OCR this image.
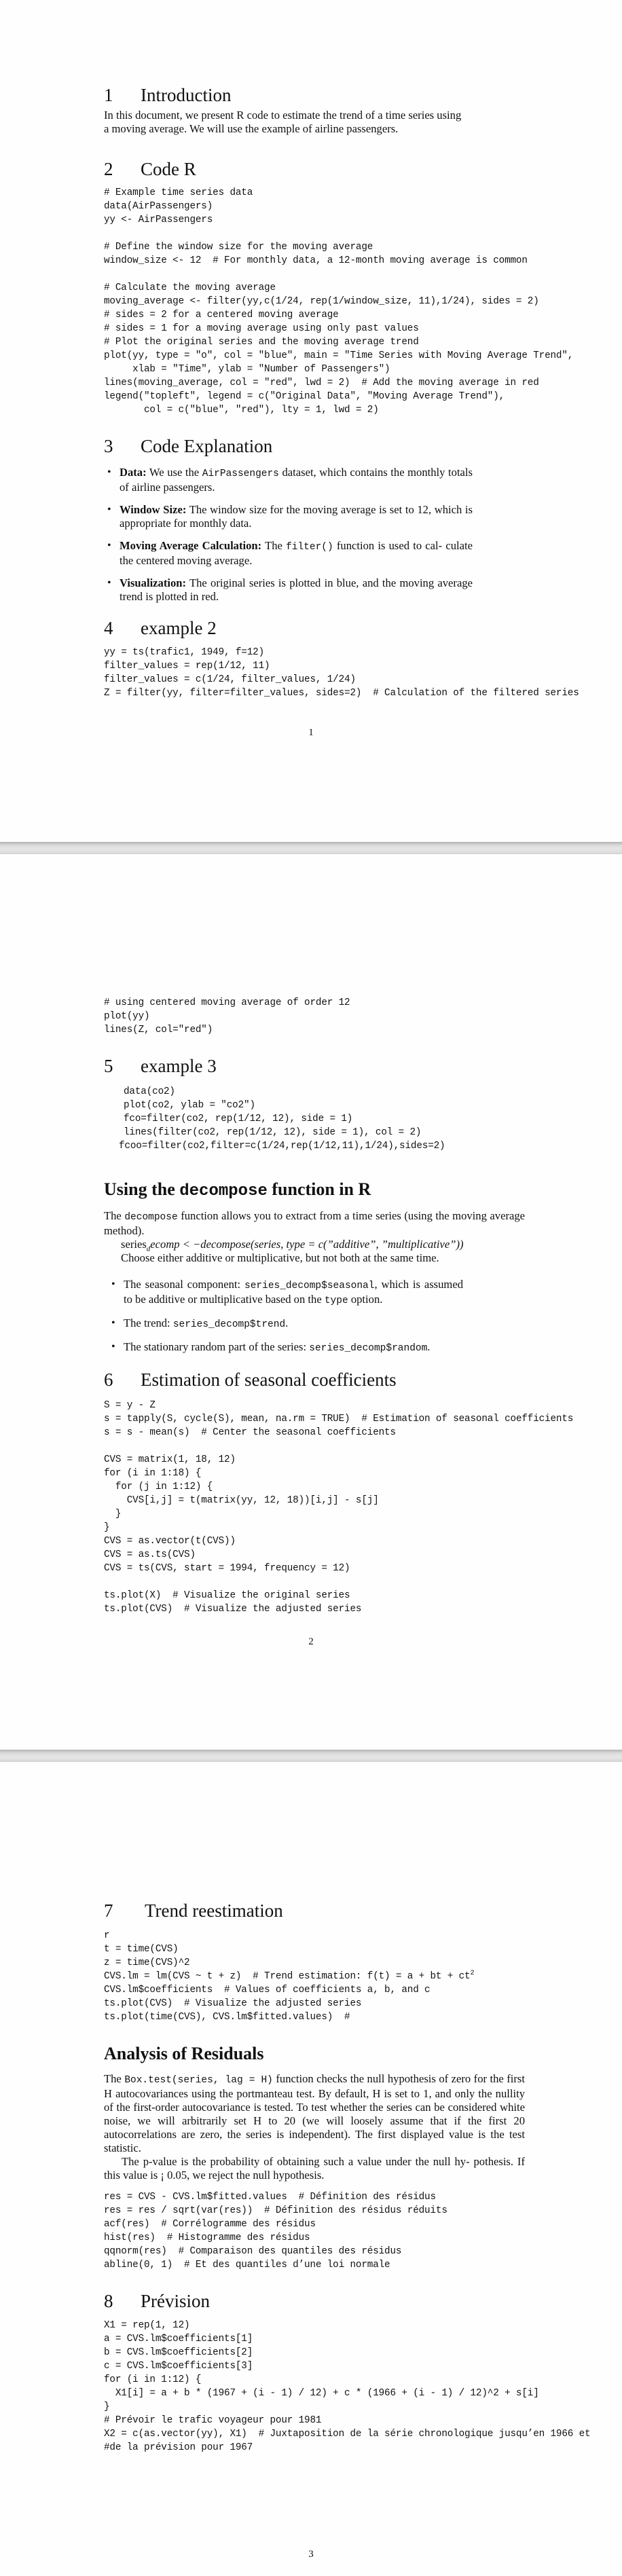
1 Introduction

In this document, we present R code to estimate the trend of a time series using

a moving average. We will use the example of airline passengers.

2 Code R
# Example time series data
data(AirPassengers)
yy <- AirPassengers
# Define the window size for the moving average
window_size <- 12  # For monthly data, a 12-month moving average is common
# Calculate the moving average
moving_average <- filter(yy,c(1/24, rep(1/window_size, 11),1/24), sides = 2)
# sides = 2 for a centered moving average
# sides = 1 for a moving average using only past values
# Plot the original series and the moving average trend
plot(yy, type = "o", col = "blue", main = "Time Series with Moving Average Trend",
xlab = "Time", ylab = "Number of Passengers")
lines(moving_average, col = "red", lwd = 2)  # Add the moving average in red
legend("topleft", legend = c("Original Data", "Moving Average Trend"),
col = c("blue", "red"), lty = 1, lwd = 2)
3 Code Explanation
• Data: We use the AirPassengers dataset, which contains the monthly totals of airline passengers.
• Window Size: The window size for the moving average is set to 12, which is appropriate for monthly data.
• Moving Average Calculation: The filter() function is used to cal- culate the centered moving average.
• Visualization: The original series is plotted in blue, and the moving average trend is plotted in red.
4 example 2
yy = ts(trafic1, 1949, f=12)
filter_values = rep(1/12, 11)
filter_values = c(1/24, filter_values, 1/24)
Z = filter(yy, filter=filter_values, sides=2)  # Calculation of the filtered series

1

# using centered moving average of order 12
plot(yy)
lines(Z, col="red")
5 example 3
data(co2)
plot(co2, ylab = "co2")
fco=filter(co2, rep(1/12, 12), side = 1)
lines(filter(co2, rep(1/12, 12), side = 1), col = 2)
fcoo=filter(co2,filter=c(1/24,rep(1/12,11),1/24),sides=2)
Using the decompose function in R

The decompose function allows you to extract from a time series (using the moving average method).

series$_d$ecomp < −decompose(series, type = c(”additive”, ”multiplicative”))

Choose either additive or multiplicative, but not both at the same time.

• The seasonal component: series_decomp$seasonal, which is assumed to be additive or multiplicative based on the type option.
• The trend: series_decomp$trend.
• The stationary random part of the series: series_decomp$random.
6 Estimation of seasonal coefficients
S = y - Z
s = tapply(S, cycle(S), mean, na.rm = TRUE)  # Estimation of seasonal coefficients
s = s - mean(s)  # Center the seasonal coefficients
CVS = matrix(1, 18, 12)
for (i in 1:18) {
for (j in 1:12) {
CVS[i,j] = t(matrix(yy, 12, 18))[i,j] - s[j]
}
}
CVS = as.vector(t(CVS))
CVS = as.ts(CVS)
CVS = ts(CVS, start = 1994, frequency = 12)
ts.plot(X)  # Visualize the original series
ts.plot(CVS)  # Visualize the adjusted series

2

7 Trend reestimation
r
t = time(CVS)
z = time(CVS)^2
CVS.lm = lm(CVS ~ t + z)  # Trend estimation: f(t) = a + bt + $ct^2$
CVS.lm$coefficients  # Values of coefficients a, b, and c
ts.plot(CVS)  # Visualize the adjusted series
ts.plot(time(CVS), CVS.lm$fitted.values)  #
Analysis of Residuals

The Box.test(series, lag = H) function checks the null hypothesis of zero for the first H autocovariances using the portmanteau test. By default, H is set to 1, and only the nullity of the first-order autocovariance is tested. To test whether the series can be considered white noise, we will arbitrarily set H to 20 (we will loosely assume that if the first 20 autocorrelations are zero, the series is independent). The first displayed value is the test statistic.

The p-value is the probability of obtaining such a value under the null hy- pothesis. If this value is ¡ 0.05, we reject the null hypothesis.

res = CVS - CVS.lm$fitted.values  # Définition des résidus
res = res / sqrt(var(res))  # Définition des résidus réduits
acf(res)  # Corrélogramme des résidus
hist(res)  # Histogramme des résidus
qqnorm(res)  # Comparaison des quantiles des résidus
abline(0, 1)  # Et des quantiles d’une loi normale
8 Prévision
X1 = rep(1, 12)
a = CVS.lm$coefficients[1]
b = CVS.lm$coefficients[2]
c = CVS.lm$coefficients[3]
for (i in 1:12) {
X1[i] = a + b * (1967 + (i - 1) / 12) + c * (1966 + (i - 1) / 12)^2 + s[i]
}
# Prévoir le trafic voyageur pour 1981
X2 = c(as.vector(yy), X1)  # Juxtaposition de la série chronologique jusqu’en 1966 et
#de la prévision pour 1967

3
